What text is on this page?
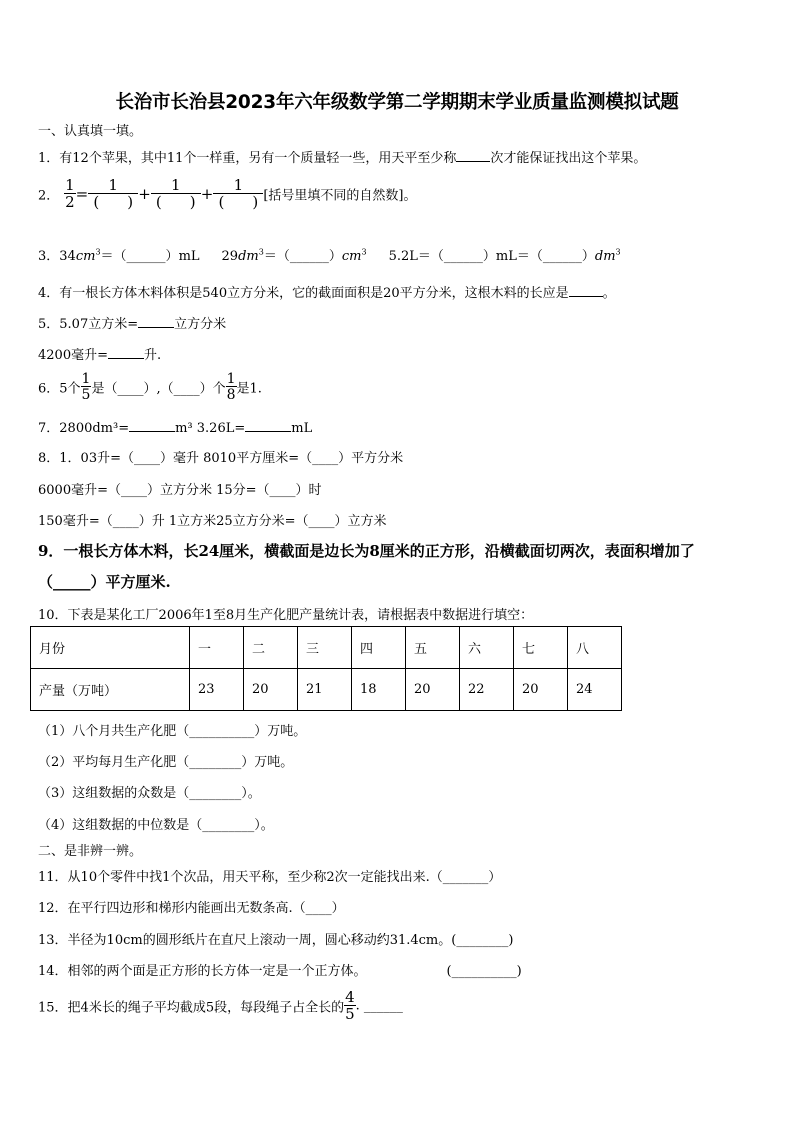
长治市长治县2023年六年级数学第二学期期末学业质量监测模拟试题
一、认真填一填。
1．有12个苹果，其中11个一样重，另有一个质量轻一些，用天平至少称	次才能保证找出这个苹果。
2． $\frac{1}{2} = \frac{1}{( )} + \frac{1}{( )} + \frac{1}{( )}$ [括号里填不同的自然数]。
3．$34cm^3=(\_\_\_\_\_\_)mL$ $29dm^3=(\_\_\_\_\_\_)cm^3$ $5.2L=(\_\_\_\_\_\_)mL=(\_\_\_\_\_\_)dm^3$
4．有一根长方体木料体积是540立方分米，它的截面面积是20平方分米，这根木料的长应是	。
5．5.07立方米=	立方分米
4200毫升=	升.
6．5个 $\frac{1}{5}$ 是（____）,（____）个 $\frac{1}{8}$ 是1.
7．2800dm³=	m³ 3.26L=	mL
8．1．03升=（____）毫升 8010平方厘米=（____）平方分米
6000毫升=（____）立方分米 15分=（____）时
150毫升=（____）升 1立方米25立方分米=（____）立方米
9．一根长方体木料，长24厘米，横截面是边长为8厘米的正方形，沿横截面切两次，表面积增加了
（_____）平方厘米.
10．下表是某化工厂2006年1至8月生产化肥产量统计表，请根据表中数据进行填空：
月份	一	二	三	四	五	六	七	八
产量（万吨）	23	20	21	18	20	22	20	24
（1）八个月共生产化肥（__________）万吨。
（2）平均每月生产化肥（________）万吨。
（3）这组数据的众数是（________）。
（4）这组数据的中位数是（________）。
二、是非辨一辨。
11．从10个零件中找1个次品，用天平称，至少称2次一定能找出来.（_______）
12．在平行四边形和梯形内能画出无数条高.（____）
13．半径为10cm的圆形纸片在直尺上滚动一周，圆心移动约31.4cm。(________)
14．相邻的两个面是正方形的长方体一定是一个正方体。	(__________)
15．把4米长的绳子平均截成5段，每段绳子占全长的 $\frac{4}{5}$ . ______
